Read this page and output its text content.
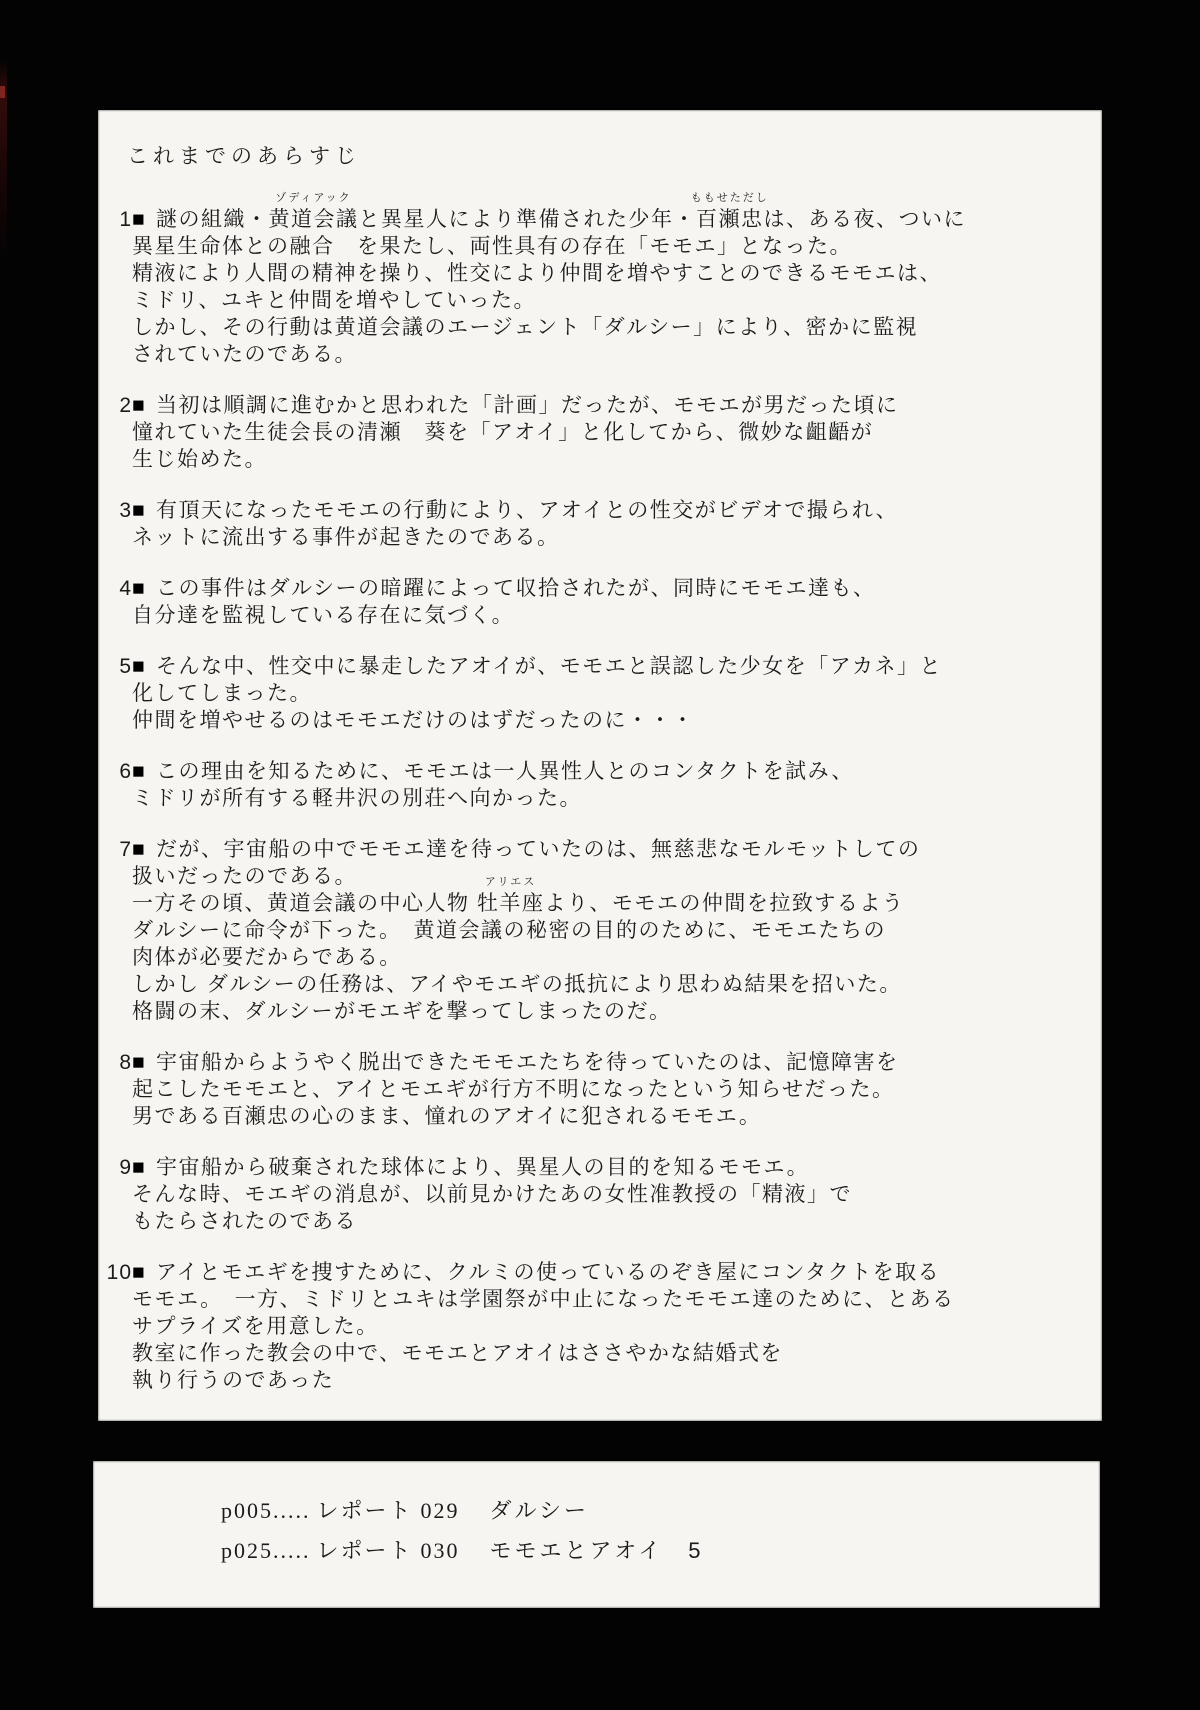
これまでのあらすじ
1■ 謎の組織・黄道会議
ゾディアック
と異星人により準備された少年・百瀬忠
ももせただし
は、ある夜、ついに
異星生命体との融合　を果たし、両性具有の存在「モモエ」となった。
精液により人間の精神を操り、性交により仲間を増やすことのできるモモエは、
ミドリ、ユキと仲間を増やしていった。
しかし、その行動は黄道会議のエージェント「ダルシー」により、密かに監視
されていたのである。
2■ 当初は順調に進むかと思われた「計画」だったが、モモエが男だった頃に
憧れていた生徒会長の清瀬　葵を「アオイ」と化してから、微妙な齟齬が
生じ始めた。
3■ 有頂天になったモモエの行動により、アオイとの性交がビデオで撮られ、
ネットに流出する事件が起きたのである。
4■ この事件はダルシーの暗躍によって収拾されたが、同時にモモエ達も、
自分達を監視している存在に気づく。
5■ そんな中、性交中に暴走したアオイが、モモエと誤認した少女を「アカネ」と
化してしまった。
仲間を増やせるのはモモエだけのはずだったのに・・・
6■ この理由を知るために、モモエは一人異性人とのコンタクトを試み、
ミドリが所有する軽井沢の別荘へ向かった。
7■ だが、宇宙船の中でモモエ達を待っていたのは、無慈悲なモルモットしての
扱いだったのである。
一方その頃、黄道会議の中心人物 牡羊座
アリエス
より、モモエの仲間を拉致するよう
ダルシーに命令が下った。　黄道会議の秘密の目的のために、モモエたちの
肉体が必要だからである。
しかし ダルシーの任務は、アイやモエギの抵抗により思わぬ結果を招いた。
格闘の末、ダルシーがモエギを撃ってしまったのだ。
8■ 宇宙船からようやく脱出できたモモエたちを待っていたのは、記憶障害を
起こしたモモエと、アイとモエギが行方不明になったという知らせだった。
男である百瀬忠の心のまま、憧れのアオイに犯されるモモエ。
9■ 宇宙船から破棄された球体により、異星人の目的を知るモモエ。
そんな時、モエギの消息が、以前見かけたあの女性准教授の「精液」で
もたらされたのである
10■ アイとモエギを捜すために、クルミの使っているのぞき屋にコンタクトを取る
モモエ。　一方、ミドリとユキは学園祭が中止になったモモエ達のために、とある
サプライズを用意した。
教室に作った教会の中で、モモエとアオイはささやかな結婚式を
執り行うのであった
p005..... レポート 029 ダルシー
p025..... レポート 030 モモエとアオイ　5
